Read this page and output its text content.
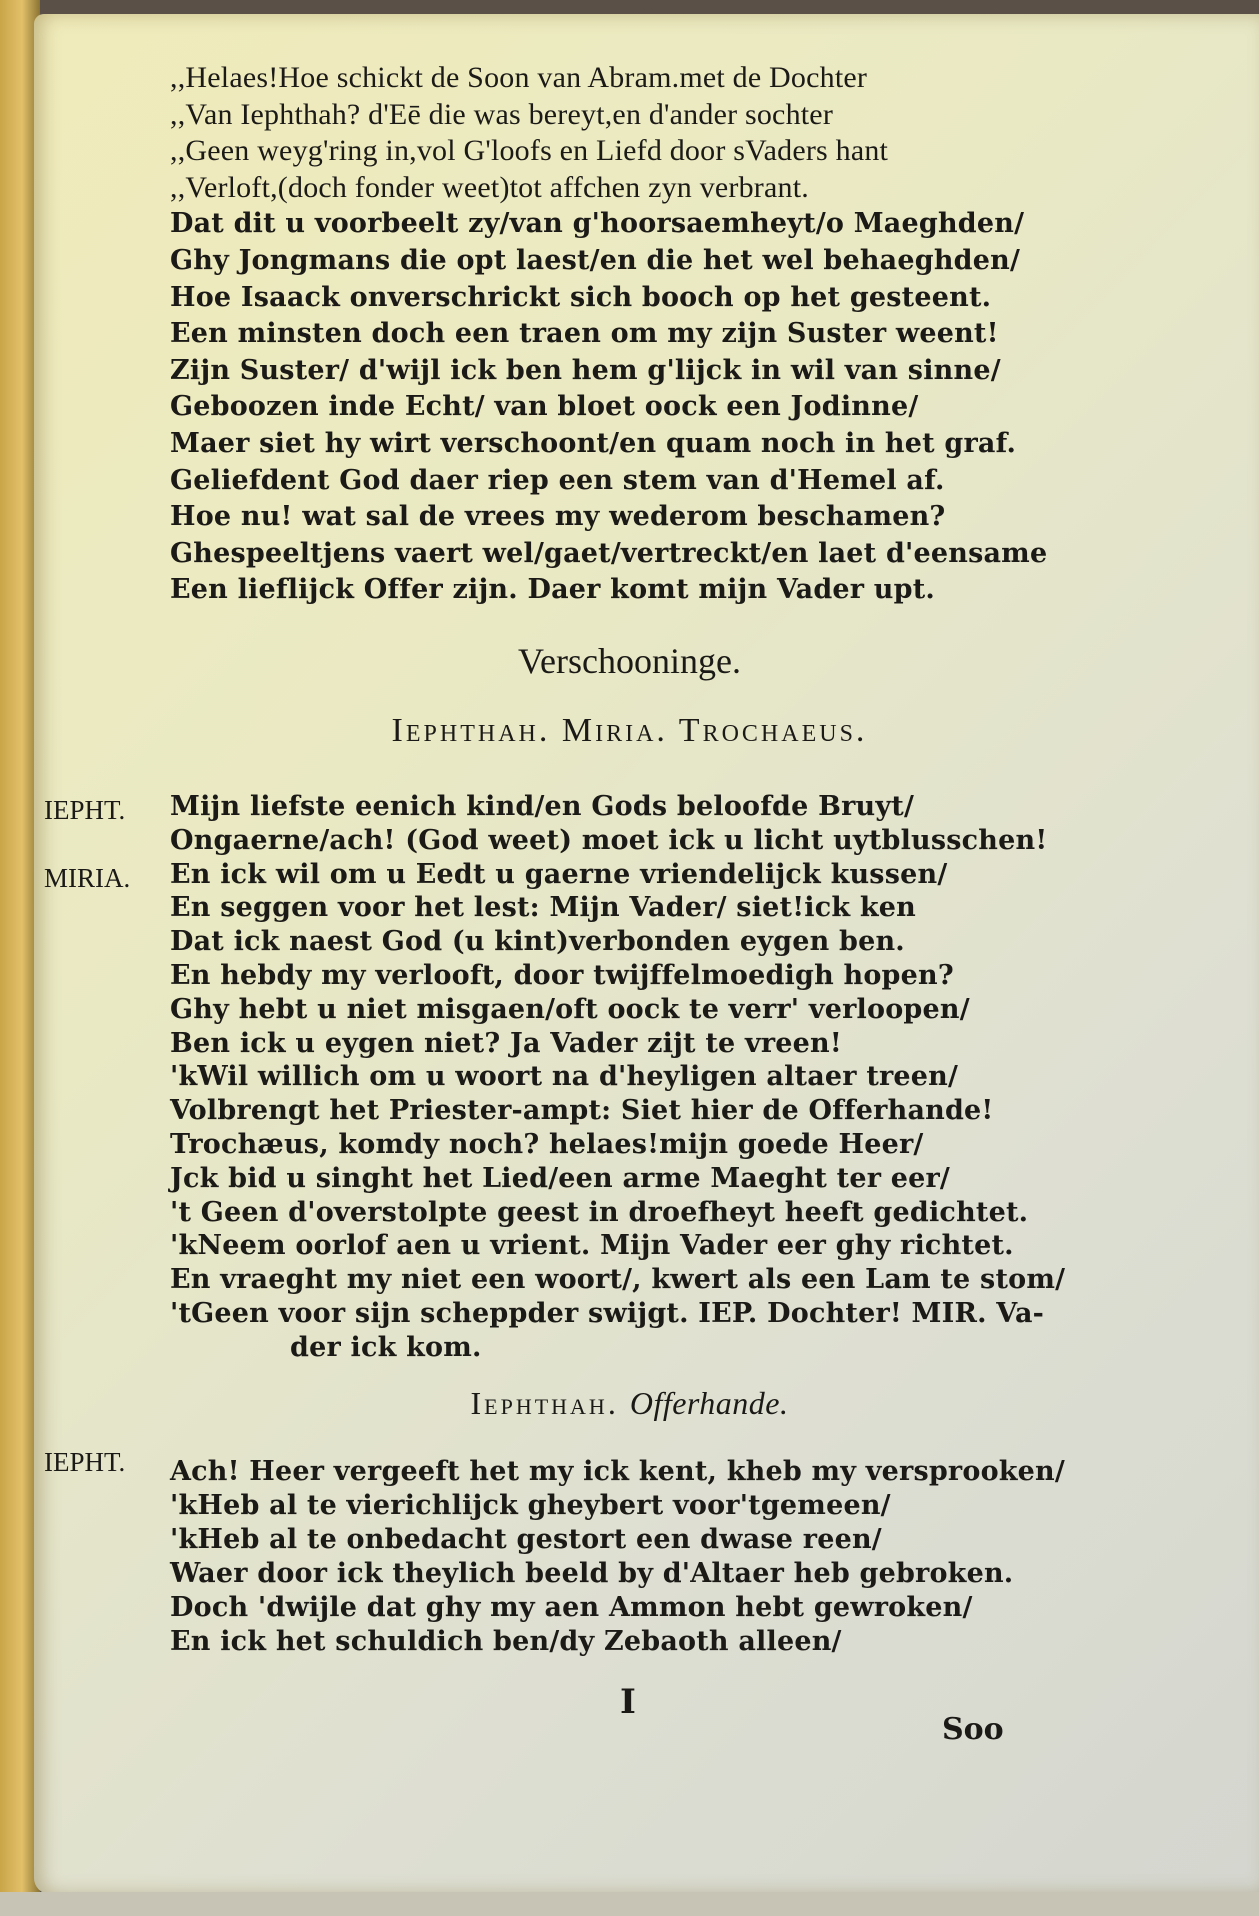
,,Helaes!Hoe schickt de Soon van Abram.met de Dochter
,,Van Iephthah? d'Eē die was bereyt,en d'ander sochter
,,Geen weyg'ring in,vol G'loofs en Liefd door sVaders hant
,,Verloft,(doch fonder weet)tot affchen zyn verbrant.
Dat dit u voorbeelt zy/van g'hoorsaemheyt/o Maeghden/
Ghy Jongmans die opt laest/en die het wel behaeghden/
Hoe Isaack onverschrickt sich booch op het gesteent.
Een minsten doch een traen om my zijn Suster weent!
Zijn Suster/ d'wijl ick ben hem g'lijck in wil van sinne/
Geboozen inde Echt/ van bloet oock een Jodinne/
Maer siet hy wirt verschoont/en quam noch in het graf.
Geliefdent God daer riep een stem van d'Hemel af.
Hoe nu! wat sal de vrees my wederom beschamen?
Ghespeeltjens vaert wel/gaet/vertreckt/en laet d'eensame
Een lieflijck Offer zijn. Daer komt mijn Vader upt.
Verschooninge.
Iephthah. Miria. Trochaeus.
IEPHT.
MIRIA.
Mijn liefste eenich kind/en Gods beloofde Bruyt/
Ongaerne/ach! (God weet) moet ick u licht uytblusschen!
En ick wil om u Eedt u gaerne vriendelijck kussen/
En seggen voor het lest: Mijn Vader/ siet!ick ken
Dat ick naest God (u kint)verbonden eygen ben.
En hebdy my verlooft, door twijffelmoedigh hopen?
Ghy hebt u niet misgaen/oft oock te verr' verloopen/
Ben ick u eygen niet? Ja Vader zijt te vreen!
'kWil willich om u woort na d'heyligen altaer treen/
Volbrengt het Priester-ampt: Siet hier de Offerhande!
Trochæus, komdy noch? helaes!mijn goede Heer/
Jck bid u singht het Lied/een arme Maeght ter eer/
't Geen d'overstolpte geest in droefheyt heeft gedichtet.
'kNeem oorlof aen u vrient. Mijn Vader eer ghy richtet.
En vraeght my niet een woort/, kwert als een Lam te stom/
'tGeen voor sijn scheppder swijgt. IEP. Dochter! MIR. Va-
der ick kom.
Iephthah. Offerhande.
IEPHT. Ach! Heer vergeeft het my ick kent, kheb my versprooken/
'kHeb al te vierichlijck gheybert voor'tgemeen/
'kHeb al te onbedacht gestort een dwase reen/
Waer door ick theylich beeld by d'Altaer heb gebroken.
Doch 'dwijle dat ghy my aen Ammon hebt gewroken/
En ick het schuldich ben/dy Zebaoth alleen/
I
Soo
